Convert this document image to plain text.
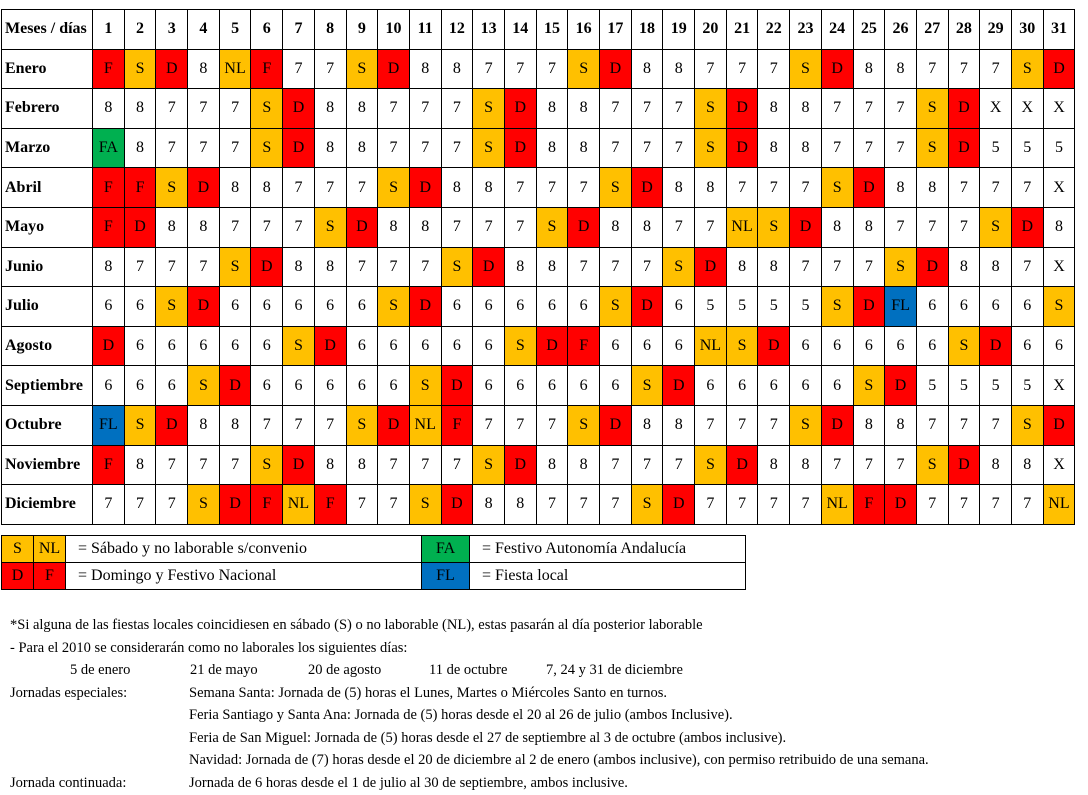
Meses / días	1	2	3	4	5	6	7	8	9	10	11	12	13	14	15	16	17	18	19	20	21	22	23	24	25	26	27	28	29	30	31
Enero	F	S	D	8	NL	F	7	7	S	D	8	8	7	7	7	S	D	8	8	7	7	7	S	D	8	8	7	7	7	S	D
Febrero	8	8	7	7	7	S	D	8	8	7	7	7	S	D	8	8	7	7	7	S	D	8	8	7	7	7	S	D	X	X	X
Marzo	FA	8	7	7	7	S	D	8	8	7	7	7	S	D	8	8	7	7	7	S	D	8	8	7	7	7	S	D	5	5	5
Abril	F	F	S	D	8	8	7	7	7	S	D	8	8	7	7	7	S	D	8	8	7	7	7	S	D	8	8	7	7	7	X
Mayo	F	D	8	8	7	7	7	S	D	8	8	7	7	7	S	D	8	8	7	7	NL	S	D	8	8	7	7	7	S	D	8
Junio	8	7	7	7	S	D	8	8	7	7	7	S	D	8	8	7	7	7	S	D	8	8	7	7	7	S	D	8	8	7	X
Julio	6	6	S	D	6	6	6	6	6	S	D	6	6	6	6	6	S	D	6	5	5	5	5	S	D	FL	6	6	6	6	S
Agosto	D	6	6	6	6	6	S	D	6	6	6	6	6	S	D	F	6	6	6	NL	S	D	6	6	6	6	6	S	D	6	6
Septiembre	6	6	6	S	D	6	6	6	6	6	S	D	6	6	6	6	6	S	D	6	6	6	6	6	S	D	5	5	5	5	X
Octubre	FL	S	D	8	8	7	7	7	S	D	NL	F	7	7	7	S	D	8	8	7	7	7	S	D	8	8	7	7	7	S	D
Noviembre	F	8	7	7	7	S	D	8	8	7	7	7	S	D	8	8	7	7	7	S	D	8	8	7	7	7	S	D	8	8	X
Diciembre	7	7	7	S	D	F	NL	F	7	7	S	D	8	8	7	7	7	S	D	7	7	7	7	NL	F	D	7	7	7	7	NL
S	NL	= Sábado y no laborable s/convenio	FA	= Festivo Autonomía Andalucía
D	F	= Domingo y Festivo Nacional	FL	= Fiesta local
*Si alguna de las fiestas locales coincidiesen en sábado (S) o no laborable (NL), estas pasarán al día posterior laborable
- Para el 2010 se considerarán como no laborales los siguientes días:
5 de enero	21 de mayo	20 de agosto	11 de octubre	7, 24 y 31 de diciembre
Jornadas especiales:	Semana Santa: Jornada de (5) horas el Lunes, Martes o Miércoles Santo en turnos.
Feria Santiago y Santa Ana: Jornada de (5) horas desde el 20 al 26 de julio (ambos Inclusive).
Feria de San Miguel: Jornada de (5) horas desde el 27 de septiembre al 3 de octubre (ambos inclusive).
Navidad: Jornada de (7) horas desde el 20 de diciembre al 2 de enero (ambos inclusive), con permiso retribuido de una semana.
Jornada continuada:	Jornada de 6 horas desde el 1 de julio al 30 de septiembre, ambos inclusive.
